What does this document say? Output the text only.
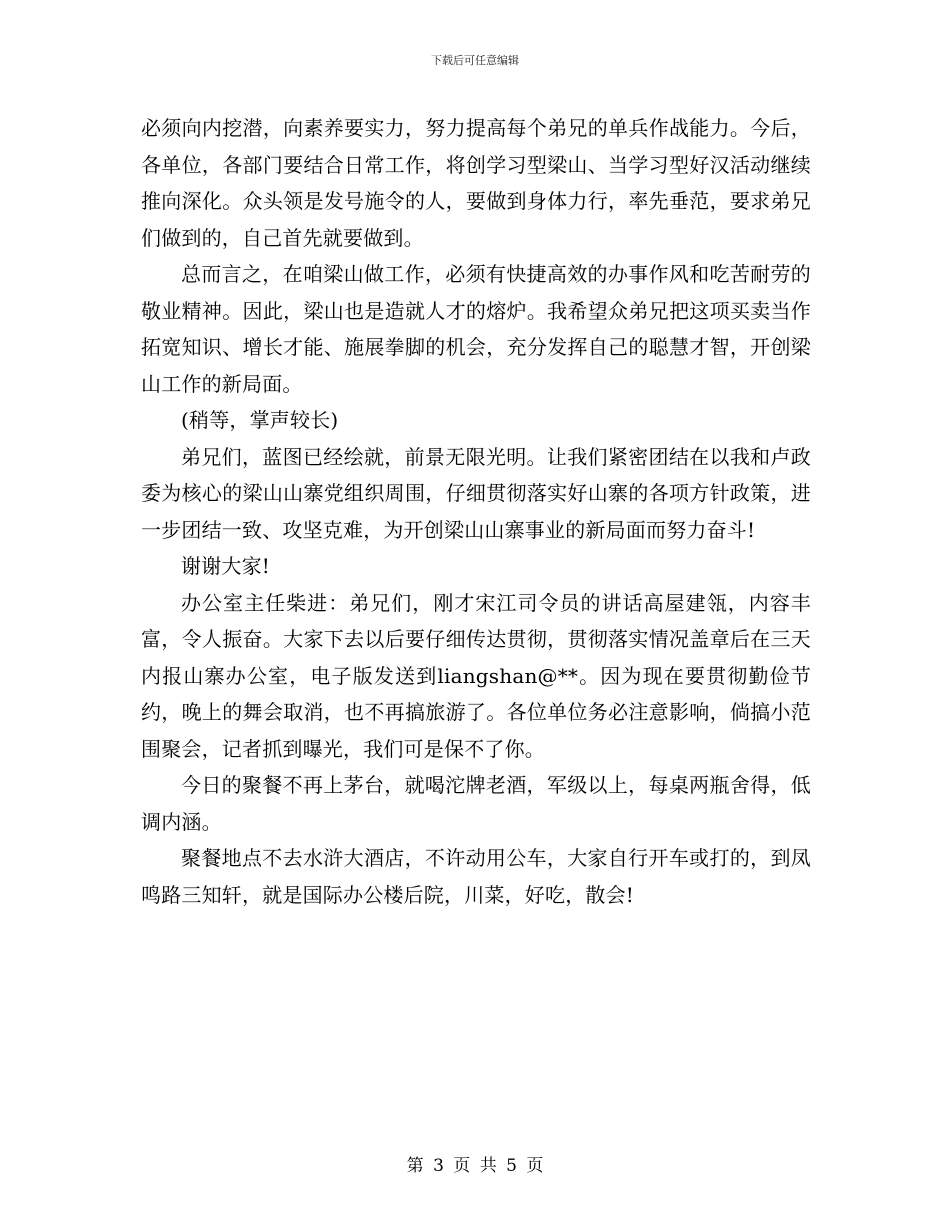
下载后可任意编辑

必须向内挖潜，向素养要实力，努力提高每个弟兄的单兵作战能力。今后，各单位，各部门要结合日常工作，将创学习型梁山、当学习型好汉活动继续推向深化。众头领是发号施令的人，要做到身体力行，率先垂范，要求弟兄们做到的，自己首先就要做到。

总而言之，在咱梁山做工作，必须有快捷高效的办事作风和吃苦耐劳的敬业精神。因此，梁山也是造就人才的熔炉。我希望众弟兄把这项买卖当作拓宽知识、增长才能、施展拳脚的机会，充分发挥自己的聪慧才智，开创梁山工作的新局面。

(稍等，掌声较长)

弟兄们，蓝图已经绘就，前景无限光明。让我们紧密团结在以我和卢政委为核心的梁山山寨党组织周围，仔细贯彻落实好山寨的各项方针政策，进一步团结一致、攻坚克难，为开创梁山山寨事业的新局面而努力奋斗!

谢谢大家!

办公室主任柴进：弟兄们，刚才宋江司令员的讲话高屋建瓴，内容丰富，令人振奋。大家下去以后要仔细传达贯彻，贯彻落实情况盖章后在三天内报山寨办公室，电子版发送到liangshan@**。因为现在要贯彻勤俭节约，晚上的舞会取消，也不再搞旅游了。各位单位务必注意影响，倘搞小范围聚会，记者抓到曝光，我们可是保不了你。

今日的聚餐不再上茅台，就喝沱牌老酒，军级以上，每桌两瓶舍得，低调内涵。

聚餐地点不去水浒大酒店，不许动用公车，大家自行开车或打的，到凤鸣路三知轩，就是国际办公楼后院，川菜，好吃，散会!

第 3 页 共 5 页
